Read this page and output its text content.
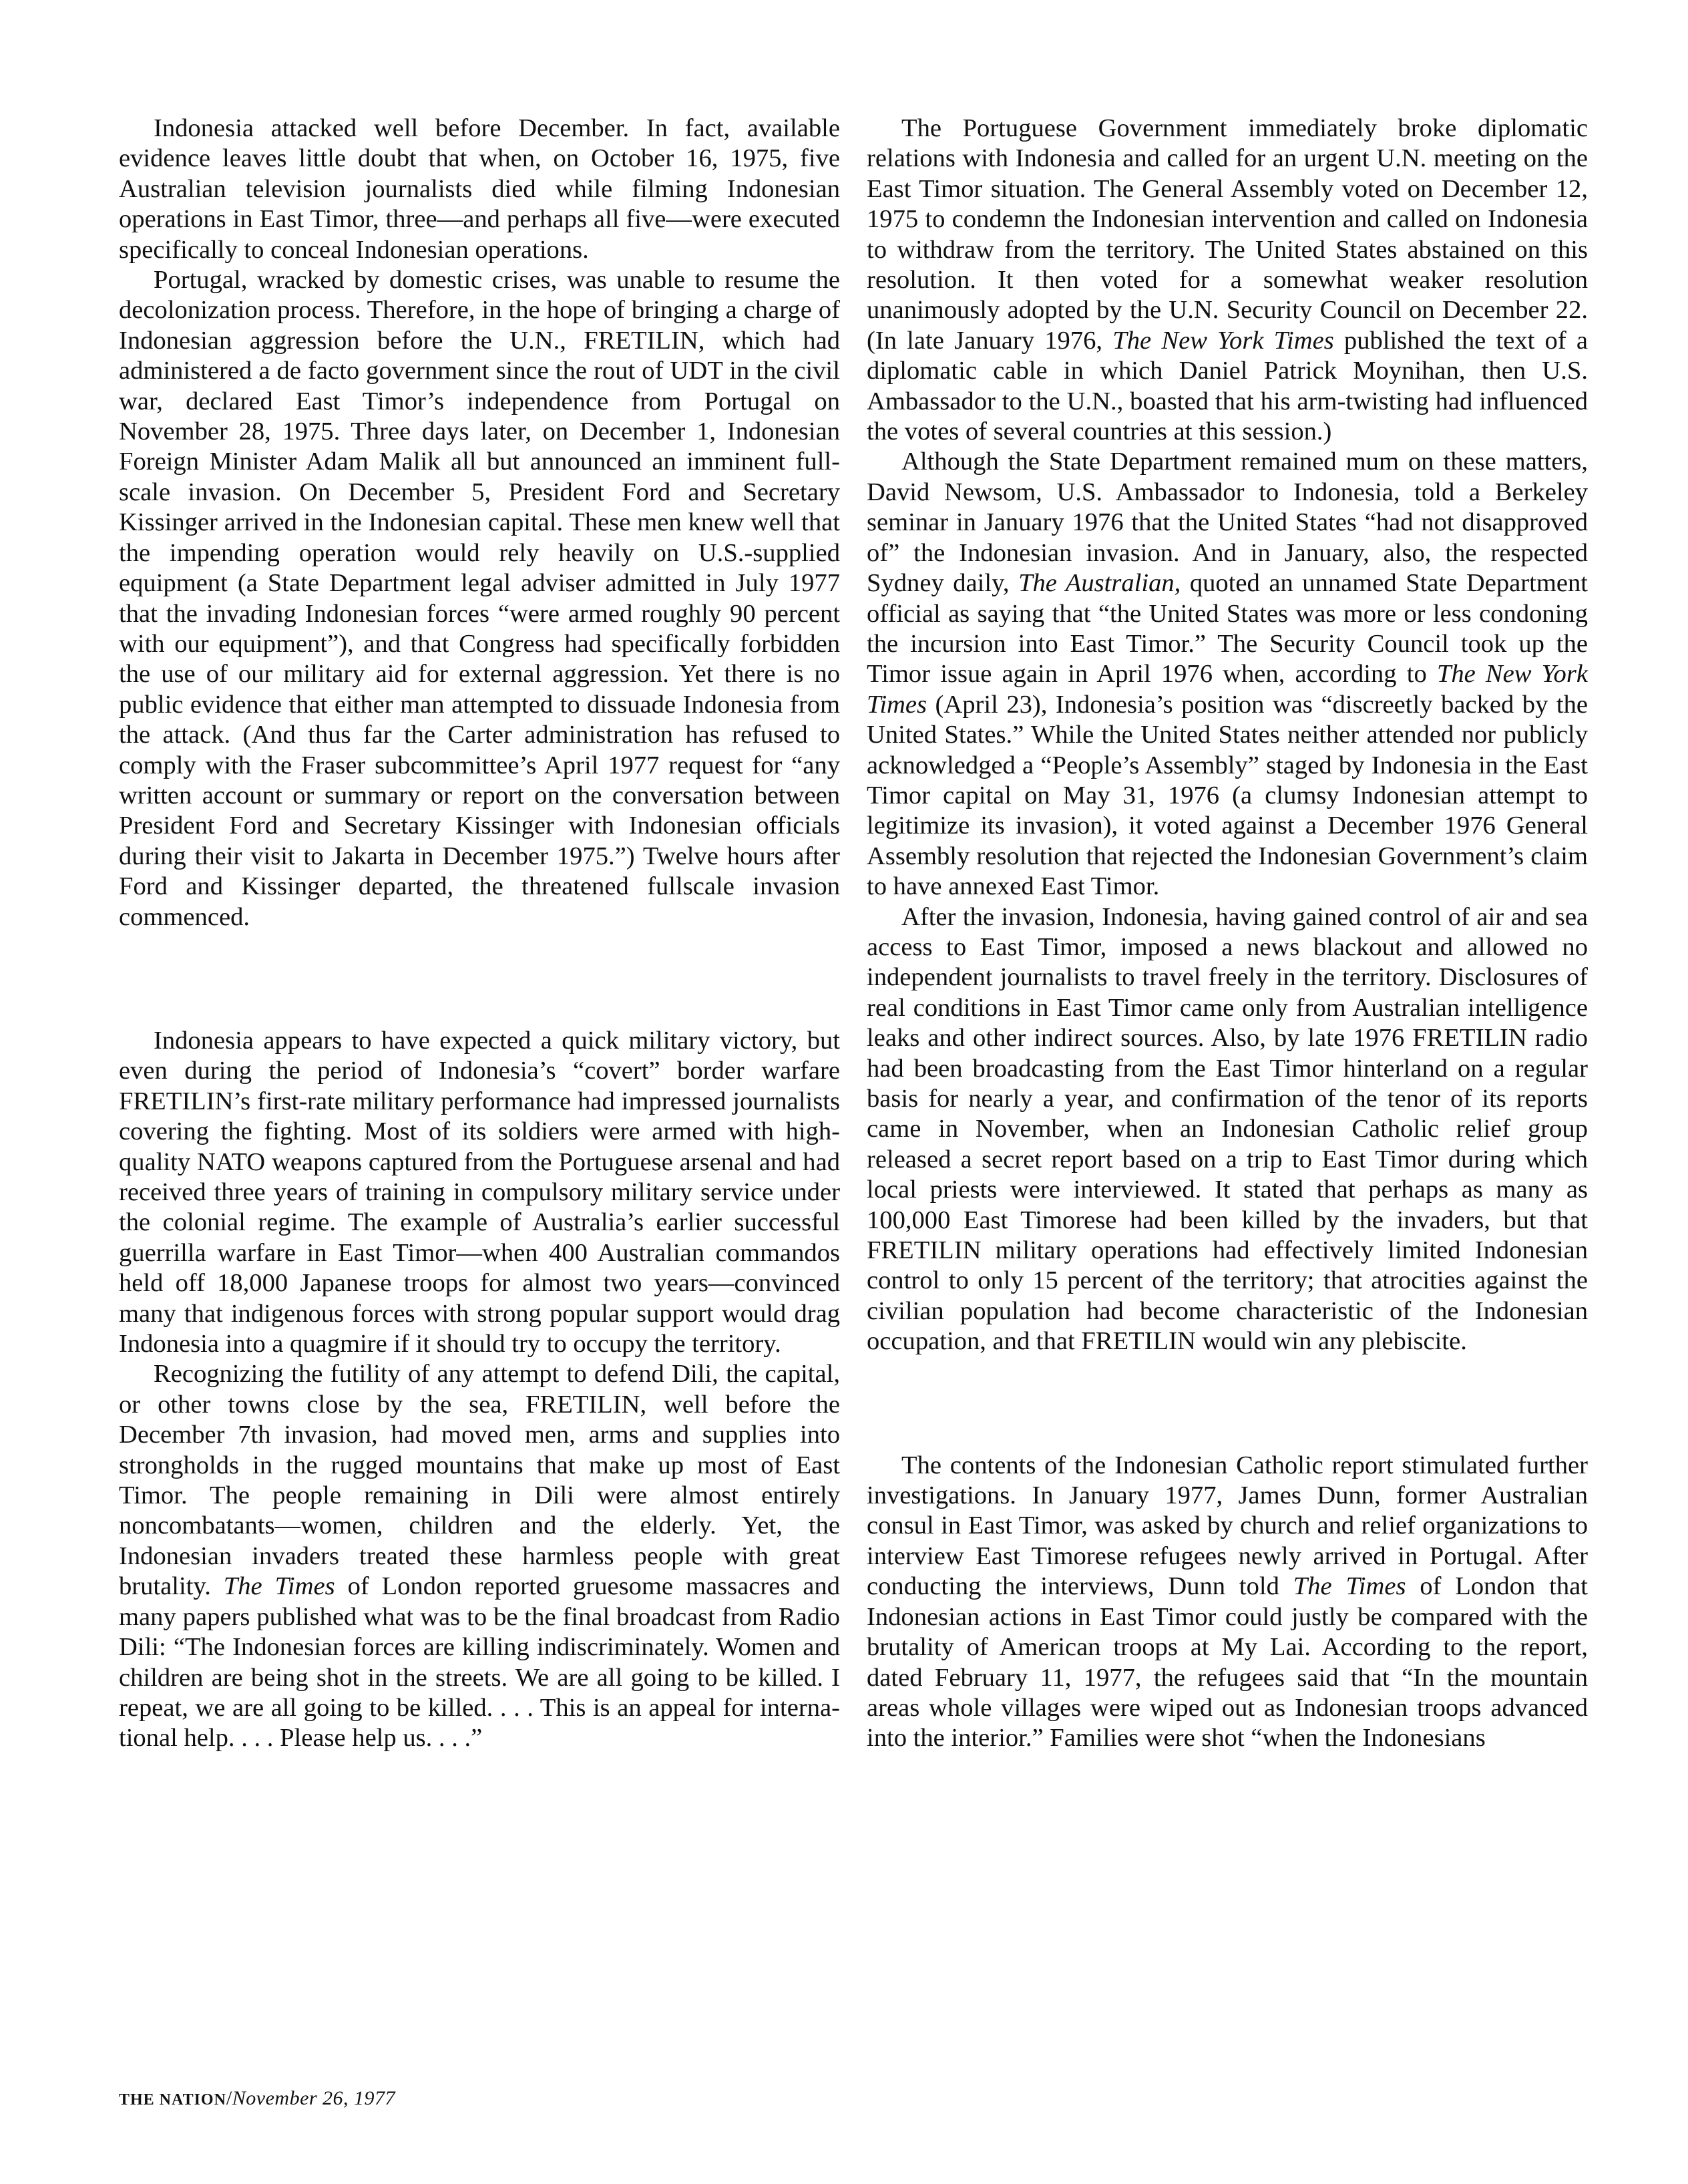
Indonesia attacked well before December. In fact, available evidence leaves little doubt that when, on October 16, 1975, five Australian television journalists died while filming Indonesian operations in East Timor, three—and perhaps all five—were executed specifically to conceal Indonesian operations.

Portugal, wracked by domestic crises, was unable to resume the decolonization process. Therefore, in the hope of bringing a charge of Indonesian aggression before the U.N., FRETILIN, which had administered a de facto government since the rout of UDT in the civil war, declared East Timor’s independence from Portugal on November 28, 1975. Three days later, on December 1, Indonesian Foreign Minister Adam Malik all but announced an imminent full-scale invasion. On December 5, President Ford and Secretary Kissinger arrived in the Indonesian capital. These men knew well that the impending operation would rely heavily on U.S.-supplied equipment (a State Department legal adviser admitted in July 1977 that the invading Indonesian forces “were armed roughly 90 percent with our equipment”), and that Congress had specifically forbidden the use of our military aid for external aggression. Yet there is no public evidence that either man attempted to dissuade Indonesia from the attack. (And thus far the Carter administration has refused to comply with the Fraser subcommittee’s April 1977 request for “any written account or summary or report on the conversation between President Ford and Secretary Kissinger with Indonesian officials during their visit to Jakarta in December 1975.”) Twelve hours after Ford and Kissinger departed, the threatened fullscale invasion commenced.

Indonesia appears to have expected a quick military victory, but even during the period of Indonesia’s “covert” border warfare FRETILIN’s first-rate military performance had impressed journalists covering the fighting. Most of its soldiers were armed with high-quality NATO weapons captured from the Portuguese arsenal and had received three years of training in compulsory military service under the colonial regime. The example of Australia’s earlier successful guerrilla warfare in East Timor—when 400 Australian commandos held off 18,000 Japanese troops for almost two years—convinced many that indigenous forces with strong popular support would drag Indonesia into a quagmire if it should try to occupy the territory.

Recognizing the futility of any attempt to defend Dili, the capital, or other towns close by the sea, FRETILIN, well before the December 7th invasion, had moved men, arms and supplies into strongholds in the rugged mountains that make up most of East Timor. The people remaining in Dili were almost entirely noncombatants—women, children and the elderly. Yet, the Indonesian invaders treated these harmless people with great brutality. The Times of London reported gruesome massacres and many papers published what was to be the final broadcast from Radio Dili: “The Indonesian forces are killing indiscriminately. Women and children are being shot in the streets. We are all going to be killed. I repeat, we are all going to be killed. . . . This is an appeal for international help. . . . Please help us. . . .”

The Portuguese Government immediately broke diplomatic relations with Indonesia and called for an urgent U.N. meeting on the East Timor situation. The General Assembly voted on December 12, 1975 to condemn the Indonesian intervention and called on Indonesia to withdraw from the territory. The United States abstained on this resolution. It then voted for a somewhat weaker resolution unanimously adopted by the U.N. Security Council on December 22. (In late January 1976, The New York Times published the text of a diplomatic cable in which Daniel Patrick Moynihan, then U.S. Ambassador to the U.N., boasted that his arm-twisting had influenced the votes of several countries at this session.)

Although the State Department remained mum on these matters, David Newsom, U.S. Ambassador to Indonesia, told a Berkeley seminar in January 1976 that the United States “had not disapproved of” the Indonesian invasion. And in January, also, the respected Sydney daily, The Australian, quoted an unnamed State Department official as saying that “the United States was more or less condoning the incursion into East Timor.” The Security Council took up the Timor issue again in April 1976 when, according to The New York Times (April 23), Indonesia’s position was “discreetly backed by the United States.” While the United States neither attended nor publicly acknowledged a “People’s Assembly” staged by Indonesia in the East Timor capital on May 31, 1976 (a clumsy Indonesian attempt to legitimize its invasion), it voted against a December 1976 General Assembly resolution that rejected the Indonesian Government’s claim to have annexed East Timor.

After the invasion, Indonesia, having gained control of air and sea access to East Timor, imposed a news blackout and allowed no independent journalists to travel freely in the territory. Disclosures of real conditions in East Timor came only from Australian intelligence leaks and other indirect sources. Also, by late 1976 FRETILIN radio had been broadcasting from the East Timor hinterland on a regular basis for nearly a year, and confirmation of the tenor of its reports came in November, when an Indonesian Catholic relief group released a secret report based on a trip to East Timor during which local priests were interviewed. It stated that perhaps as many as 100,000 East Timorese had been killed by the invaders, but that FRETILIN military operations had effectively limited Indonesian control to only 15 percent of the territory; that atrocities against the civilian population had become characteristic of the Indonesian occupation, and that FRETILIN would win any plebiscite.

The contents of the Indonesian Catholic report stimulated further investigations. In January 1977, James Dunn, former Australian consul in East Timor, was asked by church and relief organizations to interview East Timorese refugees newly arrived in Portugal. After conducting the interviews, Dunn told The Times of London that Indonesian actions in East Timor could justly be compared with the brutality of American troops at My Lai. According to the report, dated February 11, 1977, the refugees said that “In the mountain areas whole villages were wiped out as Indonesian troops advanced into the interior.” Families were shot “when the Indonesians

THE NATION/November 26, 1977
